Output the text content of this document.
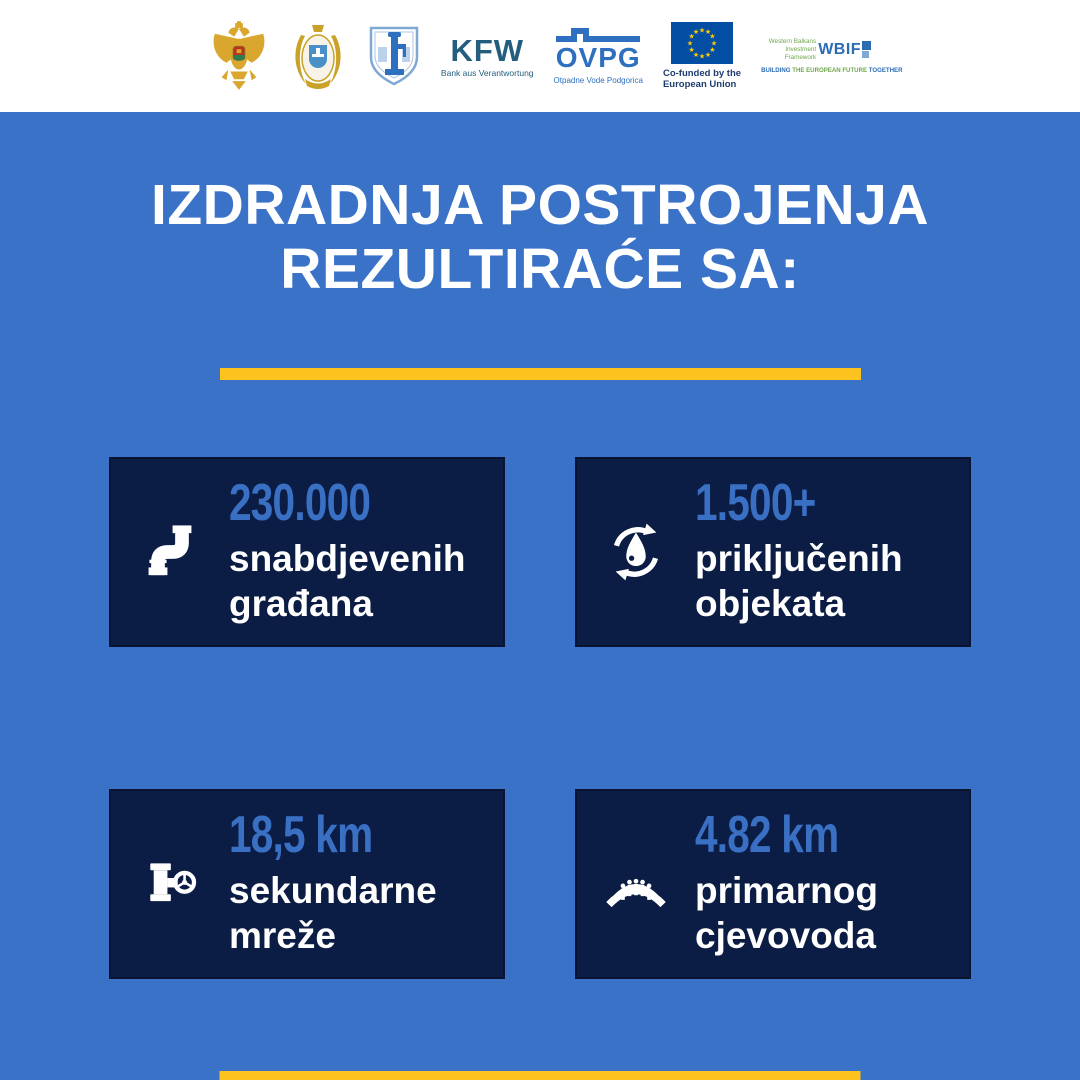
KFW
Bank aus Verantwortung OVPG
Otpadne Vode Podgorica
★ ★
★
★
★
★
★
★
★
★
★
★
Co-funded by the
European Union
Western Balkans
Investment Framework WBIF
BUILDING THE EUROPEAN FUTURE TOGETHER
IZDRADNJA POSTROJENJA
REZULTIRAĆE SA:
230.000
snabdjevenih
građana
1.500+
priključenih
objekata
18,5 km
sekundarne
mreže
4.82 km
primarnog
cjevovoda
